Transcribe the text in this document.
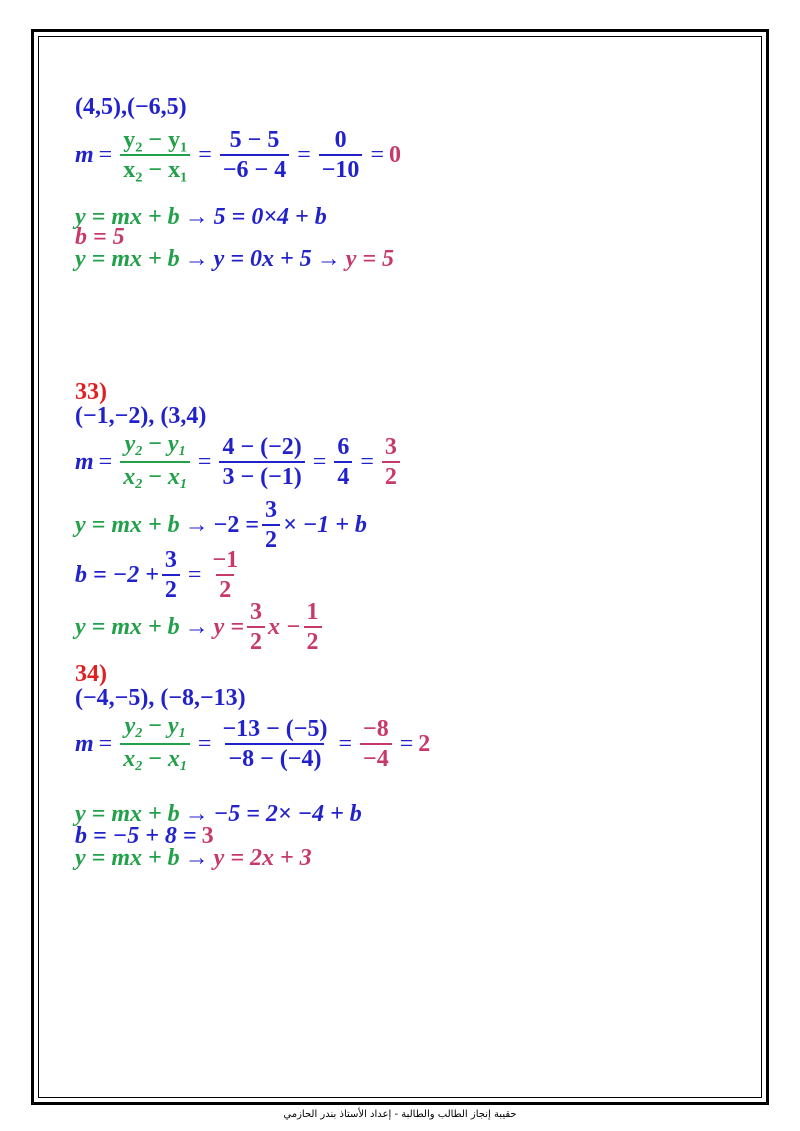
(4,5),(−6,5)
$m = \frac{\text{y₂ − y₁}}{\text{x₂ − x₁}} = \frac{5 - 5}{-6 - 4} = \frac{0}{-10} = 0$
y = mx + b → 5 = 0×4 + b
b = 5
y = mx + b → y = 0x + 5 → y = 5
33)
(−1,−2), (3,4)
$m = \frac{y_2 - y_1}{x_2 - x_1} = \frac{4 - (-2)}{3 - (-1)} = \frac{6}{4} = \frac{3}{2}$
y = mx + $b \to -2 = \frac{3}{2} \times -1 + b$
$b = -2 + \frac{3}{2} = \frac{-1}{2}$
y = mx + $b \to y = \frac{3}{2}$ $x - \frac{1}{2}$
34)
(−4,−5), (−8,−13)
$m = \frac{y_2 - y_1}{x_2 - x_1} = \frac{-13 - (-5)}{-8 - (-4)} = \frac{-8}{-4} = 2$
y = mx + b → −5 = 2× −4 + b
b = −5 + 8 = 3
y = mx + b → y = 2x + 3
حقيبة إنجاز الطالب والطالبة - إعداد الأستاذ بندر الحازمي
